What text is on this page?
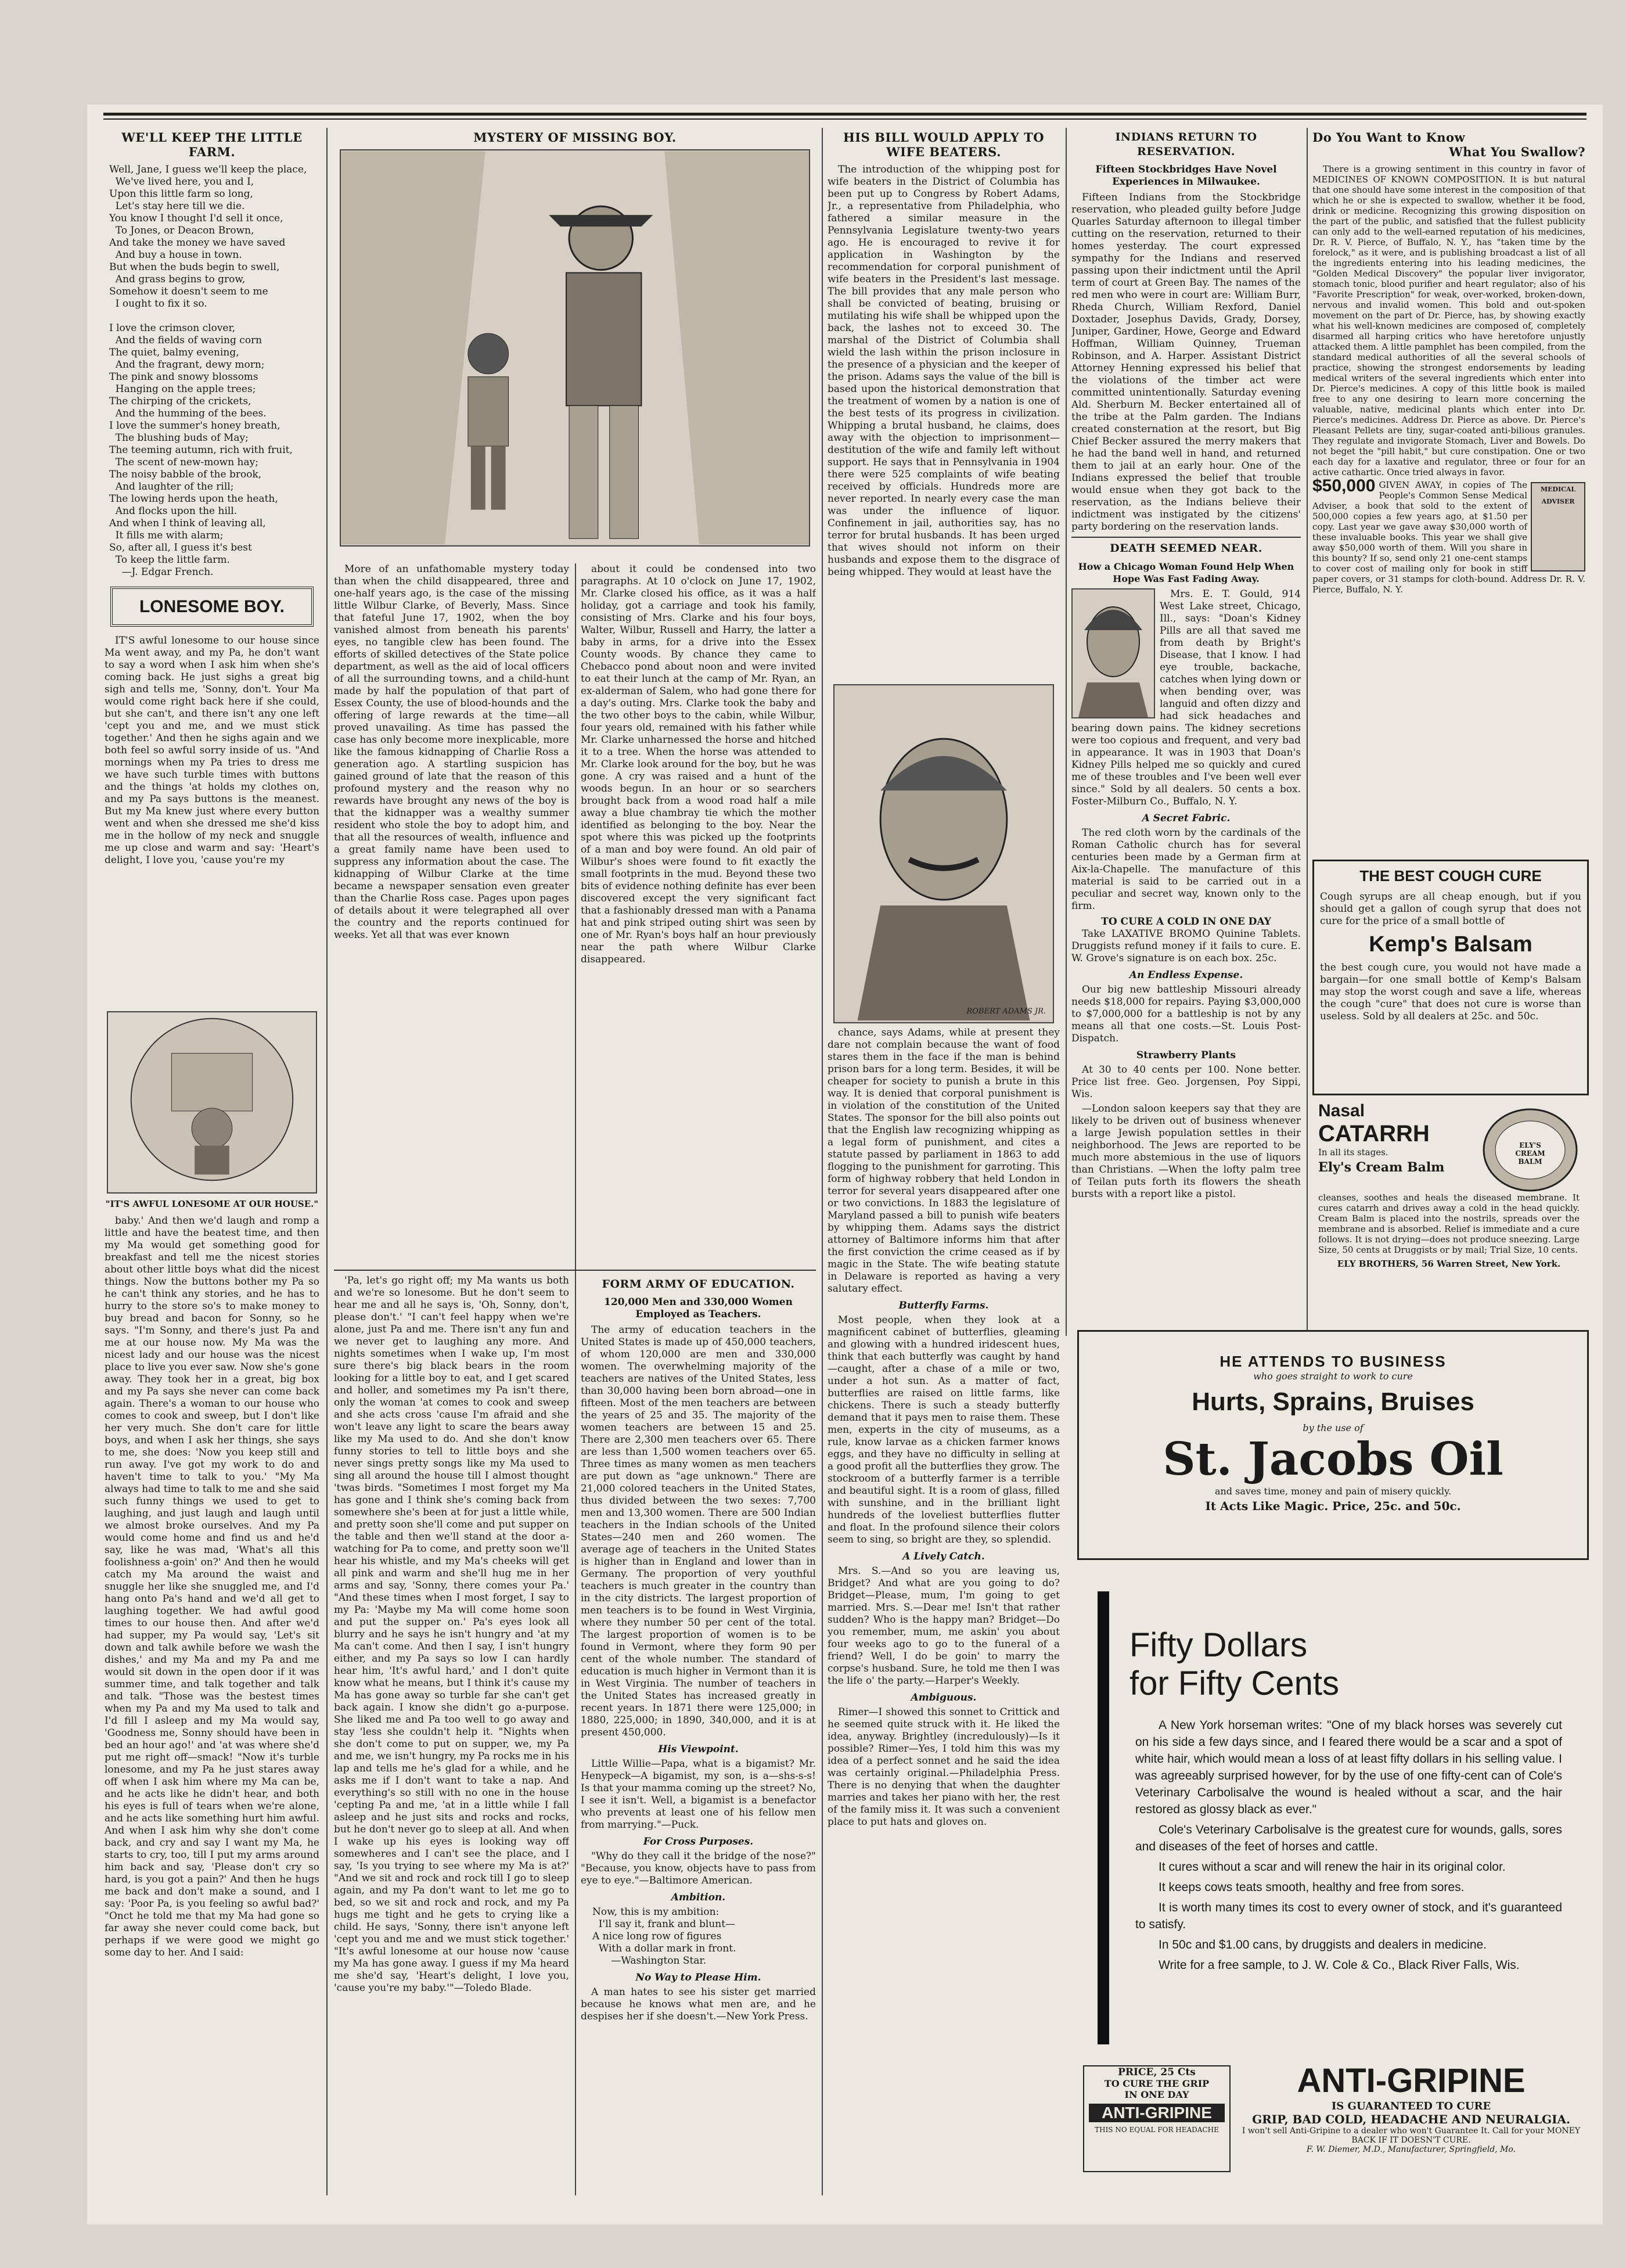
WE'LL KEEP THE LITTLE FARM.
Well, Jane, I guess we'll keep the place,
We've lived here, you and I,
Upon this little farm so long,
Let's stay here till we die.
You know I thought I'd sell it once,
To Jones, or Deacon Brown,
And take the money we have saved
And buy a house in town.
But when the buds begin to swell,
And grass begins to grow,
Somehow it doesn't seem to me
I ought to fix it so.

I love the crimson clover,
And the fields of waving corn
The quiet, balmy evening,
And the fragrant, dewy morn;
The pink and snowy blossoms
Hanging on the apple trees;
The chirping of the crickets,
And the humming of the bees.
I love the summer's honey breath,
The blushing buds of May;
The teeming autumn, rich with fruit,
The scent of new-mown hay;
The noisy babble of the brook,
And laughter of the rill;
The lowing herds upon the heath,
And flocks upon the hill.
And when I think of leaving all,
It fills me with alarm;
So, after all, I guess it's best
To keep the little farm.
—J. Edgar French.
LONESOME BOY.

IT'S awful lonesome to our house since Ma went away, and my Pa, he don't want to say a word when I ask him when she's coming back. He just sighs a great big sigh and tells me, 'Sonny, don't. Your Ma would come right back here if she could, but she can't, and there isn't any one left 'cept you and me, and we must stick together.' And then he sighs again and we both feel so awful sorry inside of us. "And mornings when my Pa tries to dress me we have such turble times with buttons and the things 'at holds my clothes on, and my Pa says buttons is the meanest. But my Ma knew just where every button went and when she dressed me she'd kiss me in the hollow of my neck and snuggle me up close and warm and say: 'Heart's delight, I love you, 'cause you're my

"IT'S AWFUL LONESOME AT OUR HOUSE."

baby.' And then we'd laugh and romp a little and have the beatest time, and then my Ma would get something good for breakfast and tell me the nicest stories about other little boys what did the nicest things. Now the buttons bother my Pa so he can't think any stories, and he has to hurry to the store so's to make money to buy bread and bacon for Sonny, so he says. "I'm Sonny, and there's just Pa and me at our house now. My Ma was the nicest lady and our house was the nicest place to live you ever saw. Now she's gone away. They took her in a great, big box and my Pa says she never can come back again. There's a woman to our house who comes to cook and sweep, but I don't like her very much. She don't care for little boys, and when I ask her things, she says to me, she does: 'Now you keep still and run away. I've got my work to do and haven't time to talk to you.' "My Ma always had time to talk to me and she said such funny things we used to get to laughing, and just laugh and laugh until we almost broke ourselves. And my Pa would come home and find us and he'd say, like he was mad, 'What's all this foolishness a-goin' on?' And then he would catch my Ma around the waist and snuggle her like she snuggled me, and I'd hang onto Pa's hand and we'd all get to laughing together. We had awful good times to our house then. And after we'd had supper, my Pa would say, 'Let's sit down and talk awhile before we wash the dishes,' and my Ma and my Pa and me would sit down in the open door if it was summer time, and talk together and talk and talk. "Those was the bestest times when my Pa and my Ma used to talk and I'd fill I asleep and my Ma would say, 'Goodness me, Sonny should have been in bed an hour ago!' and 'at was where she'd put me right off—smack! "Now it's turble lonesome, and my Pa he just stares away off when I ask him where my Ma can be, and he acts like he didn't hear, and both his eyes is full of tears when we're alone, and he acts like something hurt him awful. And when I ask him why she don't come back, and cry and say I want my Ma, he starts to cry, too, till I put my arms around him back and say, 'Please don't cry so hard, is you got a pain?' And then he hugs me back and don't make a sound, and I say: 'Poor Pa, is you feeling so awful bad?' "Onct he told me that my Ma had gone so far away she never could come back, but perhaps if we were good we might go some day to her. And I said:

MYSTERY OF MISSING BOY.

More of an unfathomable mystery today than when the child disappeared, three and one-half years ago, is the case of the missing little Wilbur Clarke, of Beverly, Mass. Since that fateful June 17, 1902, when the boy vanished almost from beneath his parents' eyes, no tangible clew has been found. The efforts of skilled detectives of the State police department, as well as the aid of local officers of all the surrounding towns, and a child-hunt made by half the population of that part of Essex County, the use of blood-hounds and the offering of large rewards at the time—all proved unavailing. As time has passed the case has only become more inexplicable, more like the famous kidnapping of Charlie Ross a generation ago. A startling suspicion has gained ground of late that the reason of this profound mystery and the reason why no rewards have brought any news of the boy is that the kidnapper was a wealthy summer resident who stole the boy to adopt him, and that all the resources of wealth, influence and a great family name have been used to suppress any information about the case. The kidnapping of Wilbur Clarke at the time became a newspaper sensation even greater than the Charlie Ross case. Pages upon pages of details about it were telegraphed all over the country and the reports continued for weeks. Yet all that was ever known

about it could be condensed into two paragraphs. At 10 o'clock on June 17, 1902, Mr. Clarke closed his office, as it was a half holiday, got a carriage and took his family, consisting of Mrs. Clarke and his four boys, Walter, Wilbur, Russell and Harry, the latter a baby in arms, for a drive into the Essex County woods. By chance they came to Chebacco pond about noon and were invited to eat their lunch at the camp of Mr. Ryan, an ex-alderman of Salem, who had gone there for a day's outing. Mrs. Clarke took the baby and the two other boys to the cabin, while Wilbur, four years old, remained with his father while Mr. Clarke unharnessed the horse and hitched it to a tree. When the horse was attended to Mr. Clarke look around for the boy, but he was gone. A cry was raised and a hunt of the woods begun. In an hour or so searchers brought back from a wood road half a mile away a blue chambray tie which the mother identified as belonging to the boy. Near the spot where this was picked up the footprints of a man and boy were found. An old pair of Wilbur's shoes were found to fit exactly the small footprints in the mud. Beyond these two bits of evidence nothing definite has ever been discovered except the very significant fact that a fashionably dressed man with a Panama hat and pink striped outing shirt was seen by one of Mr. Ryan's boys half an hour previously near the path where Wilbur Clarke disappeared.

'Pa, let's go right off; my Ma wants us both and we're so lonesome. But he don't seem to hear me and all he says is, 'Oh, Sonny, don't, please don't.' "I can't feel happy when we're alone, just Pa and me. There isn't any fun and we never get to laughing any more. And nights sometimes when I wake up, I'm most sure there's big black bears in the room looking for a little boy to eat, and I get scared and holler, and sometimes my Pa isn't there, only the woman 'at comes to cook and sweep and she acts cross 'cause I'm afraid and she won't leave any light to scare the bears away like my Ma used to do. And she don't know funny stories to tell to little boys and she never sings pretty songs like my Ma used to sing all around the house till I almost thought 'twas birds. "Sometimes I most forget my Ma has gone and I think she's coming back from somewhere she's been at for just a little while, and pretty soon she'll come and put supper on the table and then we'll stand at the door a-watching for Pa to come, and pretty soon we'll hear his whistle, and my Ma's cheeks will get all pink and warm and she'll hug me in her arms and say, 'Sonny, there comes your Pa.' "And these times when I most forget, I say to my Pa: 'Maybe my Ma will come home soon and put the supper on.' Pa's eyes look all blurry and he says he isn't hungry and 'at my Ma can't come. And then I say, I isn't hungry either, and my Pa says so low I can hardly hear him, 'It's awful hard,' and I don't quite know what he means, but I think it's cause my Ma has gone away so turble far she can't get back again. I know she didn't go a-purpose. She liked me and Pa too well to go away and stay 'less she couldn't help it. "Nights when she don't come to put on supper, we, my Pa and me, we isn't hungry, my Pa rocks me in his lap and tells me he's glad for a while, and he asks me if I don't want to take a nap. And everything's so still with no one in the house 'cepting Pa and me, 'at in a little while I fall asleep and he just sits and rocks and rocks, but he don't never go to sleep at all. And when I wake up his eyes is looking way off somewheres and I can't see the place, and I say, 'Is you trying to see where my Ma is at?' "And we sit and rock and rock till I go to sleep again, and my Pa don't want to let me go to bed, so we sit and rock and rock, and my Pa hugs me tight and he gets to crying like a child. He says, 'Sonny, there isn't anyone left 'cept you and me and we must stick together.' "It's awful lonesome at our house now 'cause my Ma has gone away. I guess if my Ma heard me she'd say, 'Heart's delight, I love you, 'cause you're my baby.'"—Toledo Blade.

FORM ARMY OF EDUCATION.
120,000 Men and 330,000 Women Employed as Teachers.

The army of education teachers in the United States is made up of 450,000 teachers, of whom 120,000 are men and 330,000 women. The overwhelming majority of the teachers are natives of the United States, less than 30,000 having been born abroad—one in fifteen. Most of the men teachers are between the years of 25 and 35. The majority of the women teachers are between 15 and 25. There are 2,300 men teachers over 65. There are less than 1,500 women teachers over 65. Three times as many women as men teachers are put down as "age unknown." There are 21,000 colored teachers in the United States, thus divided between the two sexes: 7,700 men and 13,300 women. There are 500 Indian teachers in the Indian schools of the United States—240 men and 260 women. The average age of teachers in the United States is higher than in England and lower than in Germany. The proportion of very youthful teachers is much greater in the country than in the city districts. The largest proportion of men teachers is to be found in West Virginia, where they number 50 per cent of the total. The largest proportion of women is to be found in Vermont, where they form 90 per cent of the whole number. The standard of education is much higher in Vermont than it is in West Virginia. The number of teachers in the United States has increased greatly in recent years. In 1871 there were 125,000; in 1880, 225,000; in 1890, 340,000, and it is at present 450,000.

His Viewpoint.

Little Willie—Papa, what is a bigamist? Mr. Henypeck—A bigamist, my son, is a—shs-s-s! Is that your mamma coming up the street? No, I see it isn't. Well, a bigamist is a benefactor who prevents at least one of his fellow men from marrying."—Puck.

For Cross Purposes.

"Why do they call it the bridge of the nose?" "Because, you know, objects have to pass from eye to eye."—Baltimore American.

Ambition.
Now, this is my ambition:
I'll say it, frank and blunt—
A nice long row of figures
With a dollar mark in front.
—Washington Star.
No Way to Please Him.

A man hates to see his sister get married because he knows what men are, and he despises her if she doesn't.—New York Press.

HIS BILL WOULD APPLY TO WIFE BEATERS.

The introduction of the whipping post for wife beaters in the District of Columbia has been put up to Congress by Robert Adams, Jr., a representative from Philadelphia, who fathered a similar measure in the Pennsylvania Legislature twenty-two years ago. He is encouraged to revive it for application in Washington by the recommendation for corporal punishment of wife beaters in the President's last message. The bill provides that any male person who shall be convicted of beating, bruising or mutilating his wife shall be whipped upon the back, the lashes not to exceed 30. The marshal of the District of Columbia shall wield the lash within the prison inclosure in the presence of a physician and the keeper of the prison. Adams says the value of the bill is based upon the historical demonstration that the treatment of women by a nation is one of the best tests of its progress in civilization. Whipping a brutal husband, he claims, does away with the objection to imprisonment—destitution of the wife and family left without support. He says that in Pennsylvania in 1904 there were 525 complaints of wife beating received by officials. Hundreds more are never reported. In nearly every case the man was under the influence of liquor. Confinement in jail, authorities say, has no terror for brutal husbands. It has been urged that wives should not inform on their husbands and expose them to the disgrace of being whipped. They would at least have the

ROBERT ADAMS JR.

chance, says Adams, while at present they dare not complain because the want of food stares them in the face if the man is behind prison bars for a long term. Besides, it will be cheaper for society to punish a brute in this way. It is denied that corporal punishment is in violation of the constitution of the United States. The sponsor for the bill also points out that the English law recognizing whipping as a legal form of punishment, and cites a statute passed by parliament in 1863 to add flogging to the punishment for garroting. This form of highway robbery that held London in terror for several years disappeared after one or two convictions. In 1883 the legislature of Maryland passed a bill to punish wife beaters by whipping them. Adams says the district attorney of Baltimore informs him that after the first conviction the crime ceased as if by magic in the State. The wife beating statute in Delaware is reported as having a very salutary effect.

Butterfly Farms.

Most people, when they look at a magnificent cabinet of butterflies, gleaming and glowing with a hundred iridescent hues, think that each butterfly was caught by hand—caught, after a chase of a mile or two, under a hot sun. As a matter of fact, butterflies are raised on little farms, like chickens. There is such a steady butterfly demand that it pays men to raise them. These men, experts in the city of museums, as a rule, know larvae as a chicken farmer knows eggs, and they have no difficulty in selling at a good profit all the butterflies they grow. The stockroom of a butterfly farmer is a terrible and beautiful sight. It is a room of glass, filled with sunshine, and in the brilliant light hundreds of the loveliest butterflies flutter and float. In the profound silence their colors seem to sing, so bright are they, so splendid.

A Lively Catch.

Mrs. S.—And so you are leaving us, Bridget? And what are you going to do? Bridget—Please, mum, I'm going to get married. Mrs. S.—Dear me! Isn't that rather sudden? Who is the happy man? Bridget—Do you remember, mum, me askin' you about four weeks ago to go to the funeral of a friend? Well, I do be goin' to marry the corpse's husband. Sure, he told me then I was the life o' the party.—Harper's Weekly.

Ambiguous.

Rimer—I showed this sonnet to Crittick and he seemed quite struck with it. He liked the idea, anyway. Brightley (incredulously)—Is it possible? Rimer—Yes, I told him this was my idea of a perfect sonnet and he said the idea was certainly original.—Philadelphia Press. There is no denying that when the daughter marries and takes her piano with her, the rest of the family miss it. It was such a convenient place to put hats and gloves on.

INDIANS RETURN TO RESERVATION.
Fifteen Stockbridges Have Novel Experiences in Milwaukee.

Fifteen Indians from the Stockbridge reservation, who pleaded guilty before Judge Quarles Saturday afternoon to illegal timber cutting on the reservation, returned to their homes yesterday. The court expressed sympathy for the Indians and reserved passing upon their indictment until the April term of court at Green Bay. The names of the red men who were in court are: William Burr, Rheda Church, William Rexford, Daniel Doxtader, Josephus Davids, Grady, Dorsey, Juniper, Gardiner, Howe, George and Edward Hoffman, William Quinney, Trueman Robinson, and A. Harper. Assistant District Attorney Henning expressed his belief that the violations of the timber act were committed unintentionally. Saturday evening Ald. Sherburn M. Becker entertained all of the tribe at the Palm garden. The Indians created consternation at the resort, but Big Chief Becker assured the merry makers that he had the band well in hand, and returned them to jail at an early hour. One of the Indians expressed the belief that trouble would ensue when they got back to the reservation, as the Indians believe their indictment was instigated by the citizens' party bordering on the reservation lands.

DEATH SEEMED NEAR.
How a Chicago Woman Found Help When Hope Was Fast Fading Away.

Mrs. E. T. Gould, 914 West Lake street, Chicago, Ill., says: "Doan's Kidney Pills are all that saved me from death by Bright's Disease, that I know. I had eye trouble, backache, catches when lying down or when bending over, was languid and often dizzy and had sick headaches and bearing down pains. The kidney secretions were too copious and frequent, and very bad in appearance. It was in 1903 that Doan's Kidney Pills helped me so quickly and cured me of these troubles and I've been well ever since." Sold by all dealers. 50 cents a box. Foster-Milburn Co., Buffalo, N. Y.

A Secret Fabric.

The red cloth worn by the cardinals of the Roman Catholic church has for several centuries been made by a German firm at Aix-la-Chapelle. The manufacture of this material is said to be carried out in a peculiar and secret way, known only to the firm.

TO CURE A COLD IN ONE DAY

Take LAXATIVE BROMO Quinine Tablets. Druggists refund money if it fails to cure. E. W. Grove's signature is on each box. 25c.

An Endless Expense.

Our big new battleship Missouri already needs $18,000 for repairs. Paying $3,000,000 to $7,000,000 for a battleship is not by any means all that one costs.—St. Louis Post-Dispatch.

Strawberry Plants

At 30 to 40 cents per 100. None better. Price list free. Geo. Jorgensen, Poy Sippi, Wis.

—London saloon keepers say that they are likely to be driven out of business whenever a large Jewish population settles in their neighborhood. The Jews are reported to be much more abstemious in the use of liquors than Christians. —When the lofty palm tree of Teilan puts forth its flowers the sheath bursts with a report like a pistol.

Do You Want to Know
What You Swallow?

There is a growing sentiment in this country in favor of MEDICINES OF KNOWN COMPOSITION. It is but natural that one should have some interest in the composition of that which he or she is expected to swallow, whether it be food, drink or medicine. Recognizing this growing disposition on the part of the public, and satisfied that the fullest publicity can only add to the well-earned reputation of his medicines, Dr. R. V. Pierce, of Buffalo, N. Y., has "taken time by the forelock," as it were, and is publishing broadcast a list of all the ingredients entering into his leading medicines, the "Golden Medical Discovery" the popular liver invigorator, stomach tonic, blood purifier and heart regulator; also of his "Favorite Prescription" for weak, over-worked, broken-down, nervous and invalid women. This bold and out-spoken movement on the part of Dr. Pierce, has, by showing exactly what his well-known medicines are composed of, completely disarmed all harping critics who have heretofore unjustly attacked them. A little pamphlet has been compiled, from the standard medical authorities of all the several schools of practice, showing the strongest endorsements by leading medical writers of the several ingredients which enter into Dr. Pierce's medicines. A copy of this little book is mailed free to any one desiring to learn more concerning the valuable, native, medicinal plants which enter into Dr. Pierce's medicines. Address Dr. Pierce as above. Dr. Pierce's Pleasant Pellets are tiny, sugar-coated anti-bilious granules. They regulate and invigorate Stomach, Liver and Bowels. Do not beget the "pill habit," but cure constipation. One or two each day for a laxative and regulator, three or four for an active cathartic. Once tried always in favor.

MEDICAL ADVISER
$50,000 GIVEN AWAY, in copies of The People's Common Sense Medical Adviser, a book that sold to the extent of 500,000 copies a few years ago, at $1.50 per copy. Last year we gave away $30,000 worth of these invaluable books. This year we shall give away $50,000 worth of them. Will you share in this bounty? If so, send only 21 one-cent stamps to cover cost of mailing only for book in stiff paper covers, or 31 stamps for cloth-bound. Address Dr. R. V. Pierce, Buffalo, N. Y.

THE BEST COUGH CURE

Cough syrups are all cheap enough, but if you should get a gallon of cough syrup that does not cure for the price of a small bottle of

Kemp's Balsam

the best cough cure, you would not have made a bargain—for one small bottle of Kemp's Balsam may stop the worst cough and save a life, whereas the cough "cure" that does not cure is worse than useless. Sold by all dealers at 25c. and 50c.

ELY'S CREAM BALM
Nasal
CATARRH
In all its stages.
Ely's Cream Balm

cleanses, soothes and heals the diseased membrane. It cures catarrh and drives away a cold in the head quickly. Cream Balm is placed into the nostrils, spreads over the membrane and is absorbed. Relief is immediate and a cure follows. It is not drying—does not produce sneezing. Large Size, 50 cents at Druggists or by mail; Trial Size, 10 cents.

ELY BROTHERS, 56 Warren Street, New York.
HE ATTENDS TO BUSINESS
who goes straight to work to cure
Hurts, Sprains, Bruises
by the use of
St. Jacobs Oil
and saves time, money and pain of misery quickly.
It Acts Like Magic. Price, 25c. and 50c.
Fifty Dollars
for Fifty Cents

A New York horseman writes: "One of my black horses was severely cut on his side a few days since, and I feared there would be a scar and a spot of white hair, which would mean a loss of at least fifty dollars in his selling value. I was agreeably surprised however, for by the use of one fifty-cent can of Cole's Veterinary Carbolisalve the wound is healed without a scar, and the hair restored as glossy black as ever."

Cole's Veterinary Carbolisalve is the greatest cure for wounds, galls, sores and diseases of the feet of horses and cattle.

It cures without a scar and will renew the hair in its original color.

It keeps cows teats smooth, healthy and free from sores.

It is worth many times its cost to every owner of stock, and it's guaranteed to satisfy.

In 50c and $1.00 cans, by druggists and dealers in medicine.

Write for a free sample, to J. W. Cole & Co., Black River Falls, Wis.

PRICE, 25 Cts
TO CURE THE GRIP
IN ONE DAY
ANTI-GRIPINE
THIS NO EQUAL FOR HEADACHE
ANTI-GRIPINE
IS GUARANTEED TO CURE
GRIP, BAD COLD, HEADACHE AND NEURALGIA.
I won't sell Anti-Gripine to a dealer who won't Guarantee It. Call for your MONEY BACK IF IT DOESN'T CURE.
F. W. Diemer, M.D., Manufacturer, Springfield, Mo.
